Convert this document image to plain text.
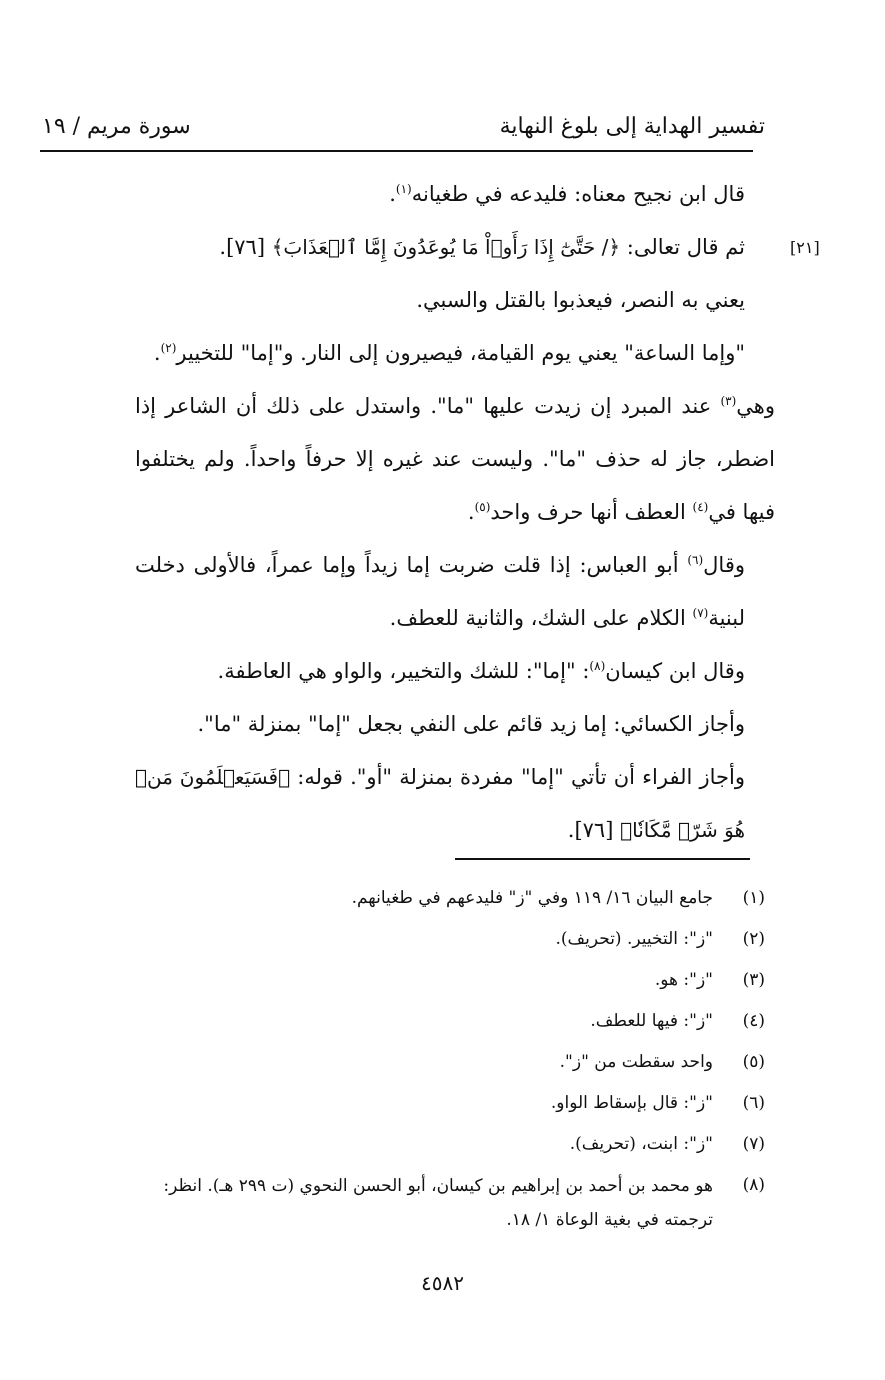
تفسير الهداية إلى بلوغ النهاية
سورة مريم / ١٩
[٢١]

قال ابن نجيح معناه: فليدعه في طغيانه$^{(١)}$.

ثم قال تعالى: ﴿/ حَتَّىٰٓ إِذَا رَأَوۡاْ مَا يُوعَدُونَ إِمَّا ٱلۡعَذَابَ﴾ [٧٦].

يعني به النصر، فيعذبوا بالقتل والسبي.

"وإما الساعة" يعني يوم القيامة، فيصيرون إلى النار. و"إما" للتخيير$^{(٢)}$.

وهي$^{(٣)}$ عند المبرد إن زيدت عليها "ما". واستدل على ذلك أن الشاعر إذا اضطر، جاز له حذف "ما". وليست عند غيره إلا حرفاً واحداً. ولم يختلفوا فيها في$^{(٤)}$ العطف أنها حرف واحد$^{(٥)}$.

وقال$^{(٦)}$ أبو العباس: إذا قلت ضربت إما زيداً وإما عمراً، فالأولى دخلت لبنية$^{(٧)}$ الكلام على الشك، والثانية للعطف.

وقال ابن كيسان$^{(٨)}$: "إما": للشك والتخيير، والواو هي العاطفة.

وأجاز الكسائي: إما زيد قائم على النفي بجعل "إما" بمنزلة "ما".

وأجاز الفراء أن تأتي "إما" مفردة بمنزلة "أو". قوله: ﴿فَسَيَعۡلَمُونَ مَنۡ هُوَ شَرّٞ مَّكَانٗا﴾ [٧٦].

(١)
جامع البيان ١٦/ ١١٩ وفي "ز" فليدعهم في طغيانهم.
(٢)
"ز": التخيير. (تحريف).
(٣)
"ز": هو.
(٤)
"ز": فيها للعطف.
(٥)
واحد سقطت من "ز".
(٦)
"ز": قال بإسقاط الواو.
(٧)
"ز": ابنت، (تحريف).
(٨)
هو محمد بن أحمد بن إبراهيم بن كيسان، أبو الحسن النحوي (ت ٢٩٩ هـ). انظر: ترجمته في بغية الوعاة ١/ ١٨.
٤٥٨٢
